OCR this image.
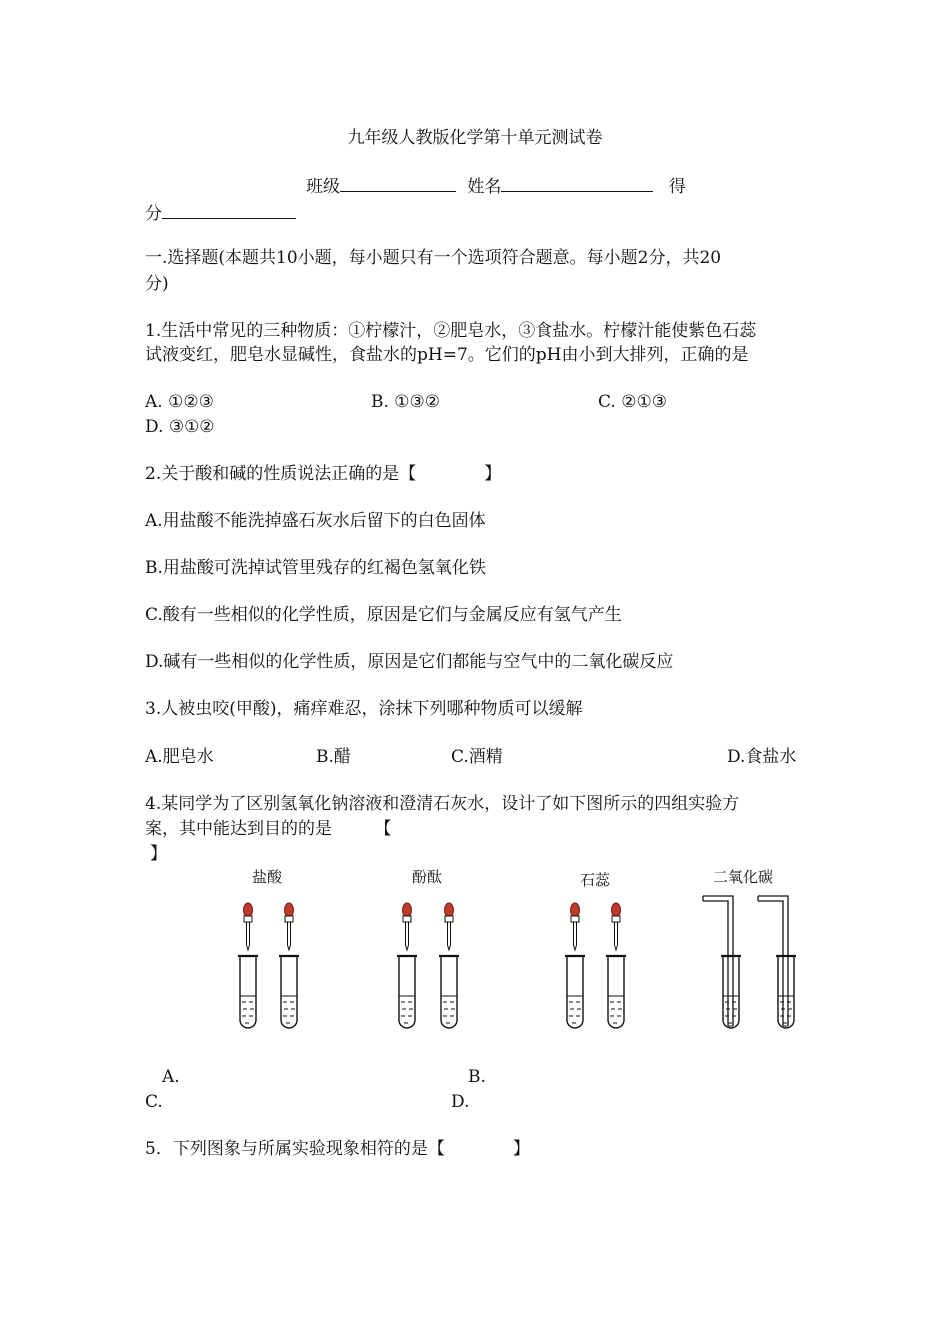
九年级人教版化学第十单元测试卷
班级	姓名	得
分
一.选择题(本题共10小题，每小题只有一个选项符合题意。每小题2分，共20
分)
1.生活中常见的三种物质：①柠檬汁，②肥皂水，③食盐水。柠檬汁能使紫色石蕊
试液变红，肥皂水显碱性，食盐水的pH=7。它们的pH由小到大排列，正确的是
A. ①②③	B. ①③②	C. ②①③
D. ③①②
2.关于酸和碱的性质说法正确的是【　　　　】
A.用盐酸不能洗掉盛石灰水后留下的白色固体
B.用盐酸可洗掉试管里残存的红褐色氢氧化铁
C.酸有一些相似的化学性质，原因是它们与金属反应有氢气产生
D.碱有一些相似的化学性质，原因是它们都能与空气中的二氧化碳反应
3.人被虫咬(甲酸)，痛痒难忍，涂抹下列哪种物质可以缓解
A.肥皂水	B.醋	C.酒精	D.食盐水
4.某同学为了区别氢氧化钠溶液和澄清石灰水，设计了如下图所示的四组实验方
案，其中能达到目的的是　　　【
】
盐酸	酚酞	石蕊	二氧化碳
A.	B.
C.	D.
5．下列图象与所属实验现象相符的是【　　　　】
